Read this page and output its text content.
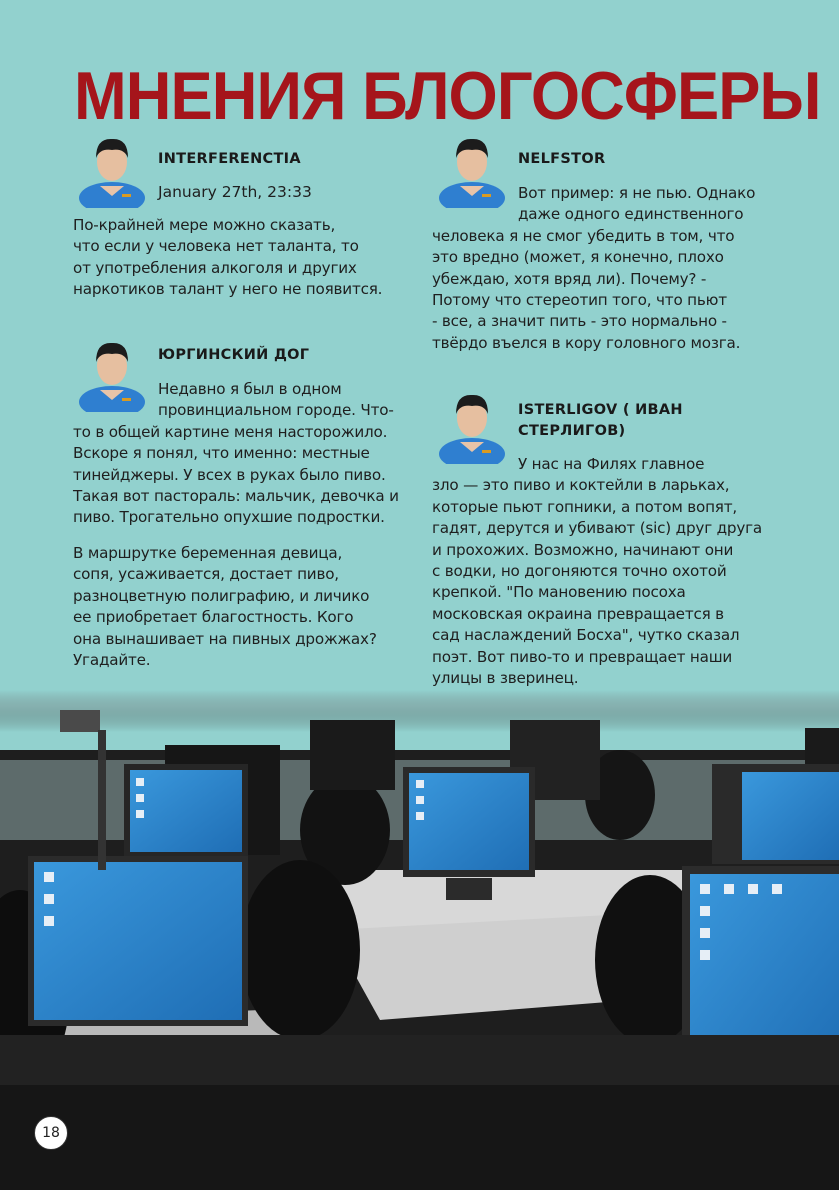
МНЕНИЯ БЛОГОСФЕРЫ
INTERFERENCTIA
January 27th, 23:33
По-крайней мере можно сказать,
что если у человека нет таланта, то
от употребления алкоголя и других
наркотиков талант у него не появится.
ЮРГИНСКИЙ ДОГ
Недавно я был в одном
провинциальном городе. Что-
то в общей картине меня насторожило.
Вскоре я понял, что именно: местные
тинейджеры. У всех в руках было пиво.
Такая вот пастораль: мальчик, девочка и
пиво. Трогательно опухшие подростки.
В маршрутке беременная девица,
сопя, усаживается, достает пиво,
разноцветную полиграфию, и личико
ее приобретает благостность. Кого
она вынашивает на пивных дрожжах?
Угадайте.
NELFSTOR
Вот пример: я не пью. Однако
даже одного единственного
человека я не смог убедить в том, что
это вредно (может, я конечно, плохо
убеждаю, хотя вряд ли). Почему? -
Потому что стереотип того, что пьют
- все, а значит пить - это нормально -
твёрдо въелся в кору головного мозга.
ISTERLIGOV ( ИВАН
СТЕРЛИГОВ)
У нас на Филях главное
зло — это пиво и коктейли в ларьках,
которые пьют гопники, а потом вопят,
гадят, дерутся и убивают (sic) друг друга
и прохожих. Возможно, начинают они
с водки, но догоняются точно охотой
крепкой. "По мановению посоха
московская окраина превращается в
сад наслаждений Босха", чутко сказал
поэт. Вот пиво-то и превращает наши
улицы в зверинец.
18
